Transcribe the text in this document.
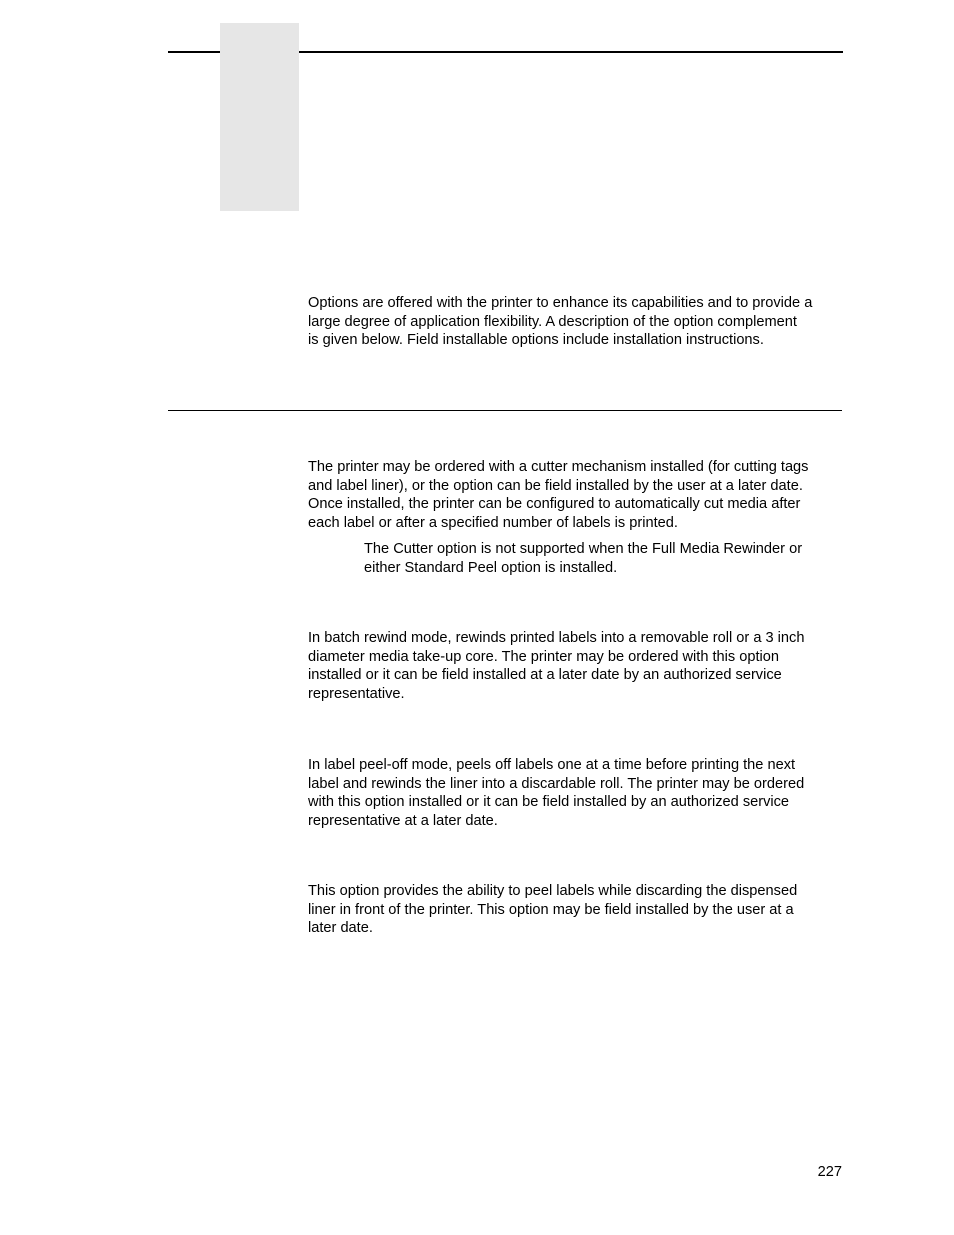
Options are offered with the printer to enhance its capabilities and to provide a
large degree of application flexibility. A description of the option complement
is given below. Field installable options include installation instructions.

The printer may be ordered with a cutter mechanism installed (for cutting tags
and label liner), or the option can be field installed by the user at a later date.
Once installed, the printer can be configured to automatically cut media after
each label or after a specified number of labels is printed.

The Cutter option is not supported when the Full Media Rewinder or
either Standard Peel option is installed.

In batch rewind mode, rewinds printed labels into a removable roll or a 3 inch
diameter media take-up core. The printer may be ordered with this option
installed or it can be field installed at a later date by an authorized service
representative.

In label peel-off mode, peels off labels one at a time before printing the next
label and rewinds the liner into a discardable roll. The printer may be ordered
with this option installed or it can be field installed by an authorized service
representative at a later date.

This option provides the ability to peel labels while discarding the dispensed
liner in front of the printer. This option may be field installed by the user at a
later date.

227
